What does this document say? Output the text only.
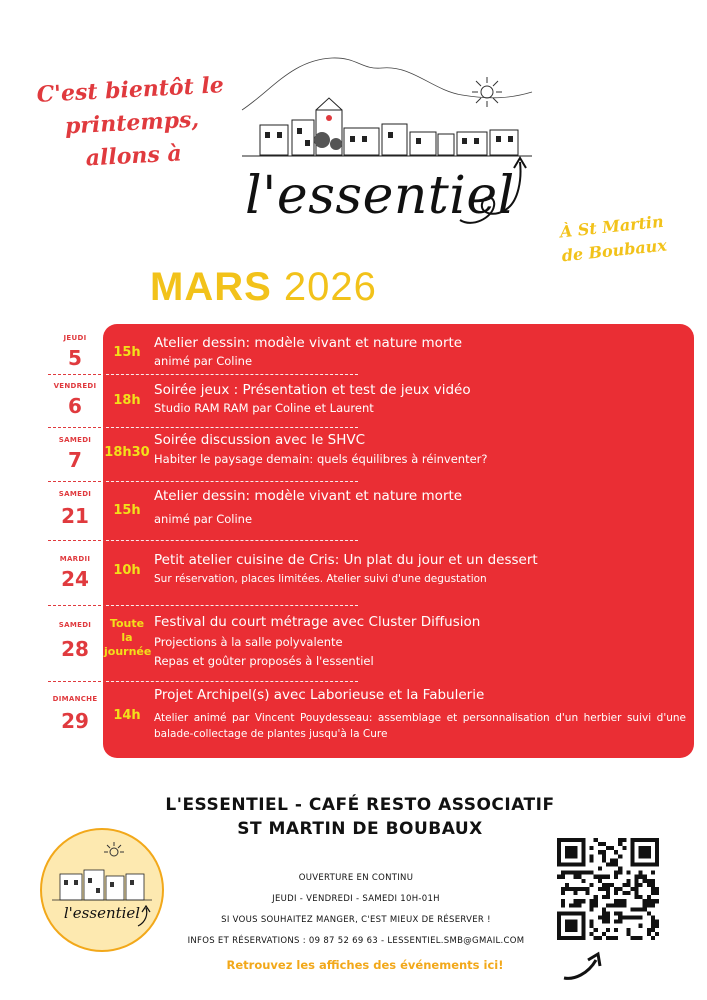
C'est bientôt le
printemps,
allons à
l'essentiel
À St Martin
de Boubaux
MARS 2026
JEUDI
5	15h
Atelier dessin: modèle vivant et nature morte
animé par Coline
VENDREDI
6	18h
Soirée jeux : Présentation et test de jeux vidéo
Studio RAM RAM par Coline et Laurent
SAMEDI
7	18h30
Soirée discussion avec le SHVC
Habiter le paysage demain: quels équilibres à réinventer?
SAMEDI
21	15h
Atelier dessin: modèle vivant et nature morte
animé par Coline
MARDII
24	10h
Petit atelier cuisine de Cris: Un plat du jour et un dessert
Sur réservation, places limitées. Atelier suivi d'une degustation
SAMEDI
28
Toute
la
journée
Festival du court métrage avec Cluster Diffusion
Projections à la salle polyvalente
Repas et goûter proposés à l'essentiel
DIMANCHE
29	14h
Projet Archipel(s) avec Laborieuse et la Fabulerie
Atelier animé par Vincent Pouydesseau: assemblage et personnalisation d'un herbier suivi d'une balade-collectage de plantes jusqu'à la Cure
L'ESSENTIEL - CAFÉ RESTO ASSOCIATIF
ST MARTIN DE BOUBAUX
l'essentiel
OUVERTURE EN CONTINU
JEUDI - VENDREDI - SAMEDI 10H-01H
SI VOUS SOUHAITEZ MANGER, C'EST MIEUX DE RÉSERVER !
INFOS ET RÉSERVATIONS : 09 87 52 69 63 - LESSENTIEL.SMB@GMAIL.COM
Retrouvez les affiches des événements ici!
